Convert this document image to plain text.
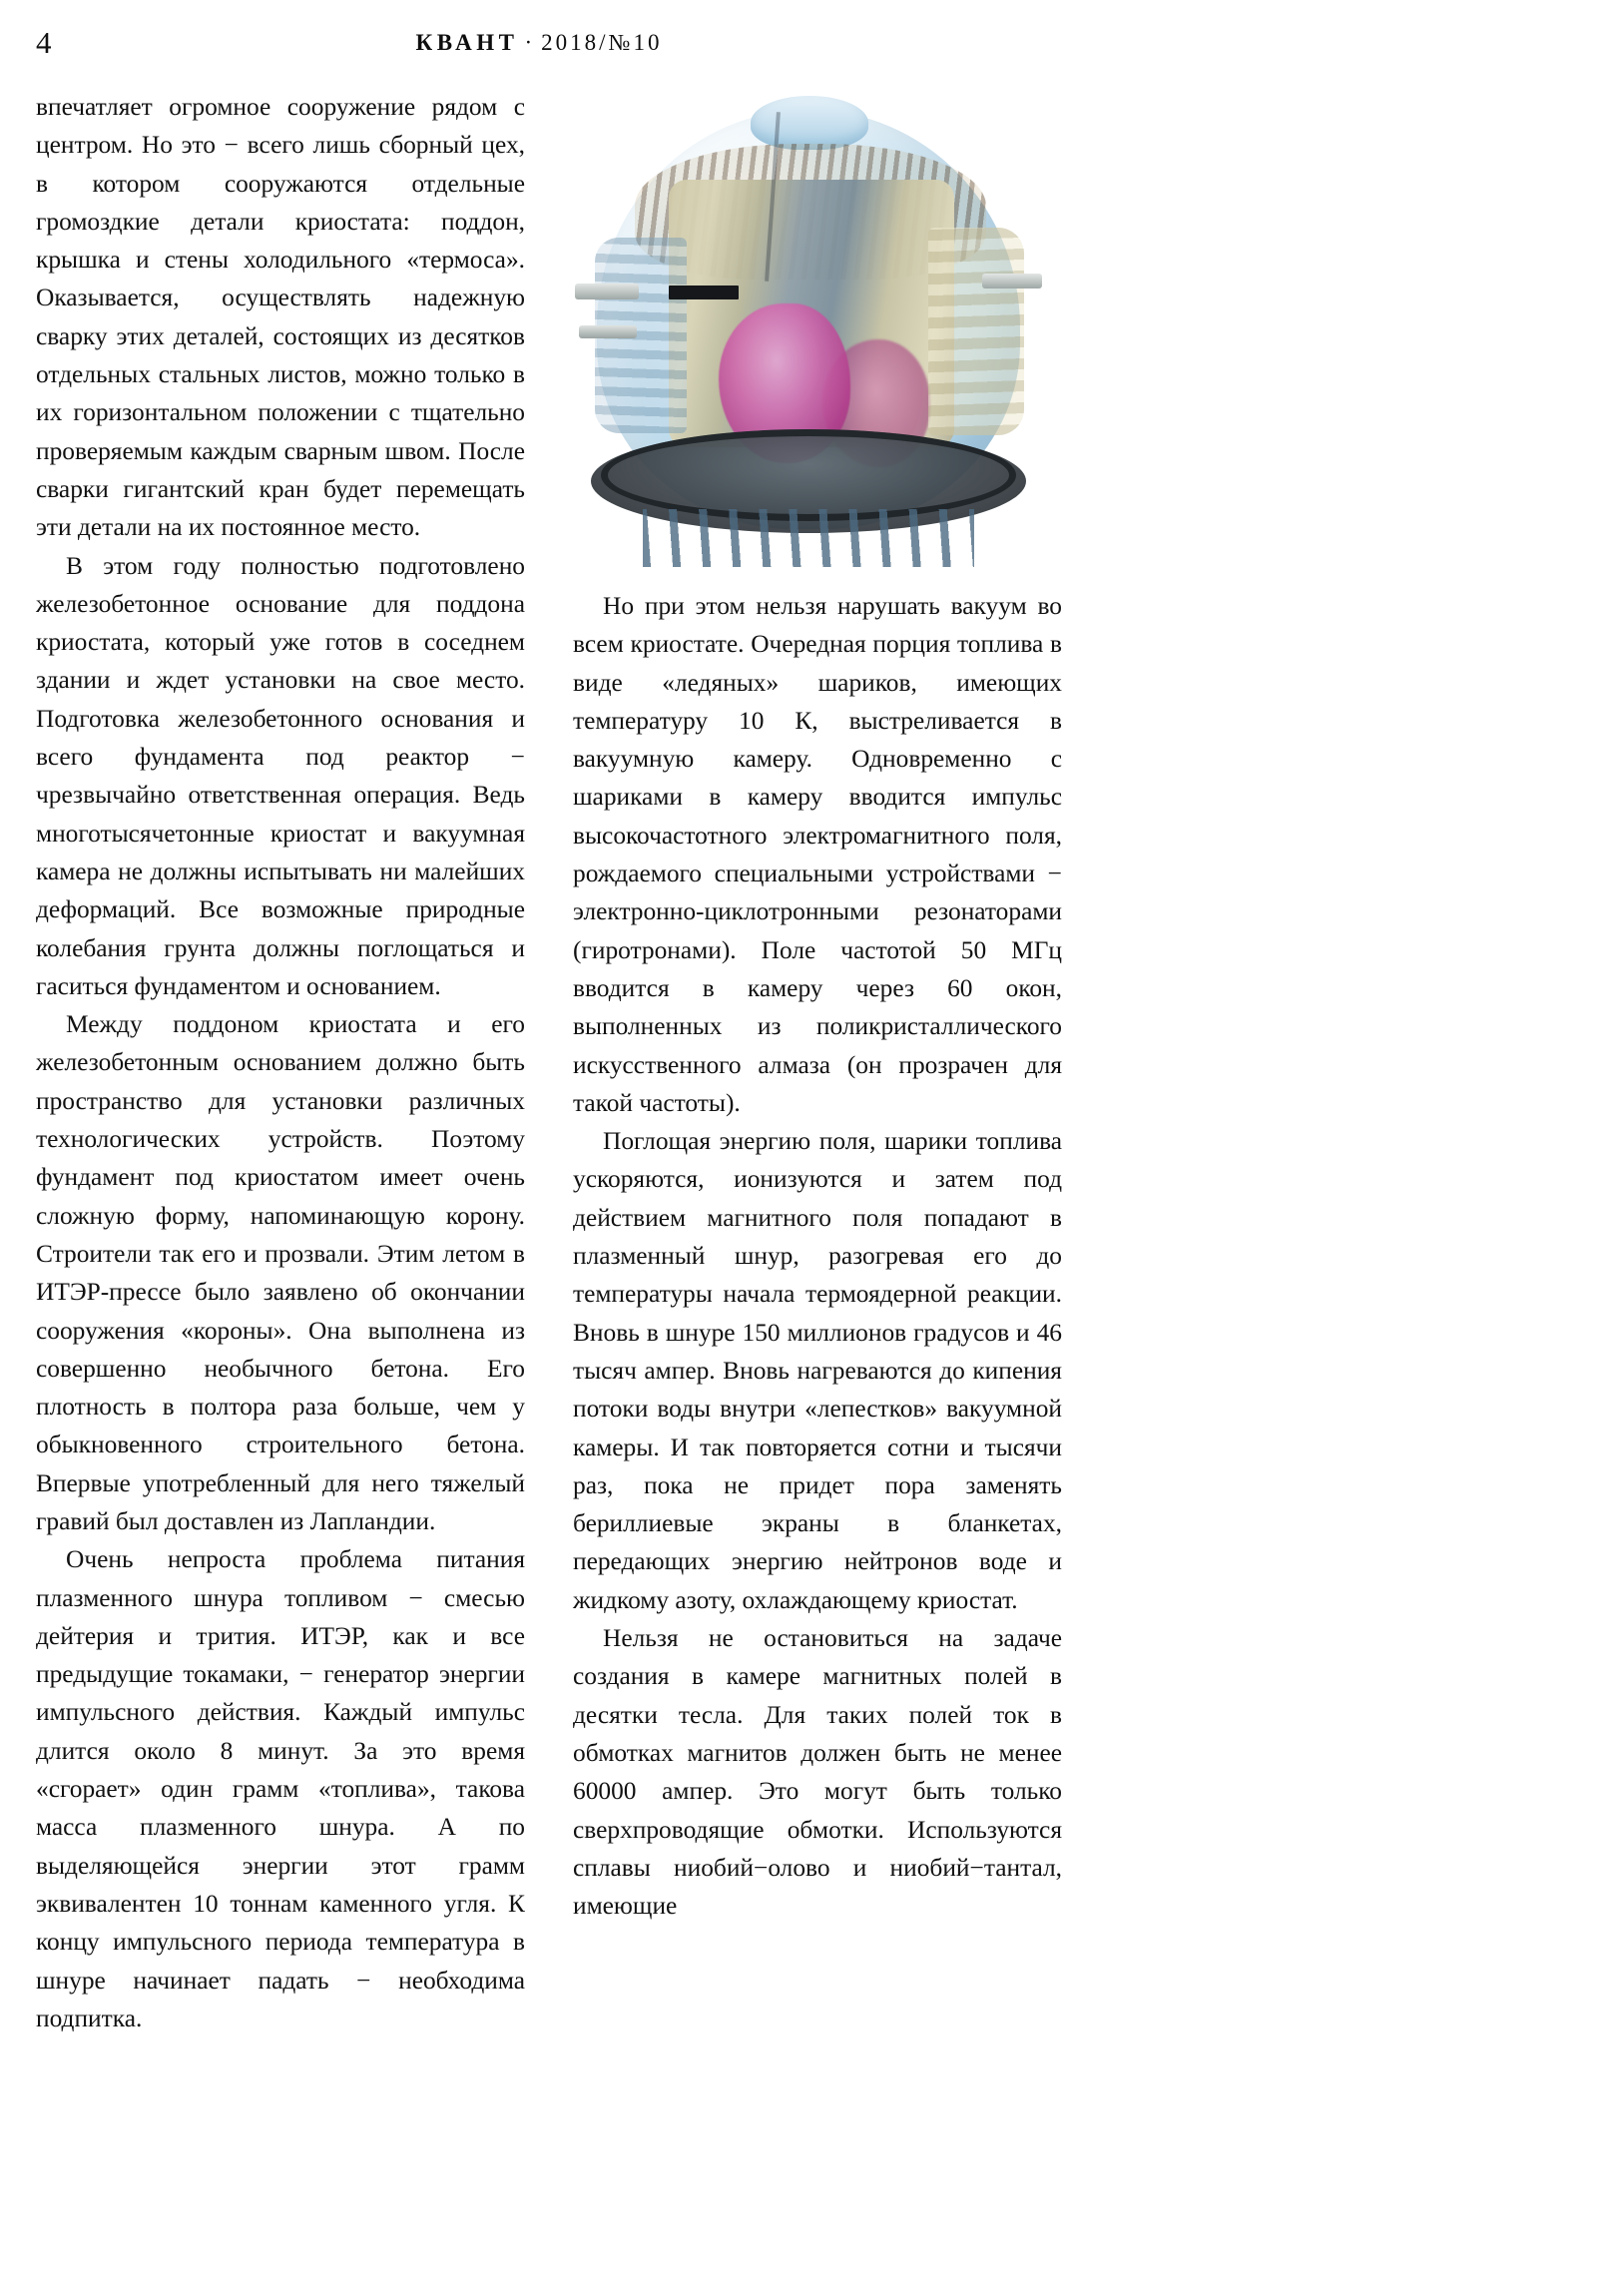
4	КВАНТ · 2018/№10

впечатляет огромное сооружение рядом с центром. Но это − всего лишь сборный цех, в котором сооружаются отдельные громоздкие детали криостата: поддон, крышка и стены холодильного «термоса». Оказывается, осуществлять надежную сварку этих деталей, состоящих из десятков отдельных стальных листов, можно только в их горизонтальном положении с тщательно проверяемым каждым сварным швом. После сварки гигантский кран будет перемещать эти детали на их постоянное место.

В этом году полностью подготовлено железобетонное основание для поддона криостата, который уже готов в соседнем здании и ждет установки на свое место. Подготовка железобетонного основания и всего фундамента под реактор − чрезвычайно ответственная операция. Ведь многотысячетонные криостат и вакуумная камера не должны испытывать ни малейших деформаций. Все возможные природные колебания грунта должны поглощаться и гаситься фундаментом и основанием.

Между поддоном криостата и его железобетонным основанием должно быть пространство для установки различных технологических устройств. Поэтому фундамент под криостатом имеет очень сложную форму, напоминающую корону. Строители так его и прозвали. Этим летом в ИТЭР-прессе было заявлено об окончании сооружения «короны». Она выполнена из совершенно необычного бетона. Его плотность в полтора раза больше, чем у обыкновенного строительного бетона. Впервые употребленный для него тяжелый гравий был доставлен из Лапландии.

Очень непроста проблема питания плазменного шнура топливом − смесью дейтерия и трития. ИТЭР, как и все предыдущие токамаки, − генератор энергии импульсного действия. Каждый импульс длится около 8 минут. За это время «сгорает» один грамм «топлива», такова масса плазменного шнура. А по выделяющейся энергии этот грамм эквивалентен 10 тоннам каменного угля. К концу импульсного периода температура в шнуре начинает падать − необходима подпитка.

Но при этом нельзя нарушать вакуум во всем криостате. Очередная порция топлива в виде «ледяных» шариков, имеющих температуру 10 К, выстреливается в вакуумную камеру. Одновременно с шариками в камеру вводится импульс высокочастотного электромагнитного поля, рождаемого специальными устройствами − электронно-циклотронными резонаторами (гиротронами). Поле частотой 50 МГц вводится в камеру через 60 окон, выполненных из поликристаллического искусственного алмаза (он прозрачен для такой частоты).

Поглощая энергию поля, шарики топлива ускоряются, ионизуются и затем под действием магнитного поля попадают в плазменный шнур, разогревая его до температуры начала термоядерной реакции. Вновь в шнуре 150 миллионов градусов и 46 тысяч ампер. Вновь нагреваются до кипения потоки воды внутри «лепестков» вакуумной камеры. И так повторяется сотни и тысячи раз, пока не придет пора заменять бериллиевые экраны в бланкетах, передающих энергию нейтронов воде и жидкому азоту, охлаждающему криостат.

Нельзя не остановиться на задаче создания в камере магнитных полей в десятки тесла. Для таких полей ток в обмотках магнитов должен быть не менее 60000 ампер. Это могут быть только сверхпроводящие обмотки. Используются сплавы ниобий−олово и ниобий−тантал, имеющие
